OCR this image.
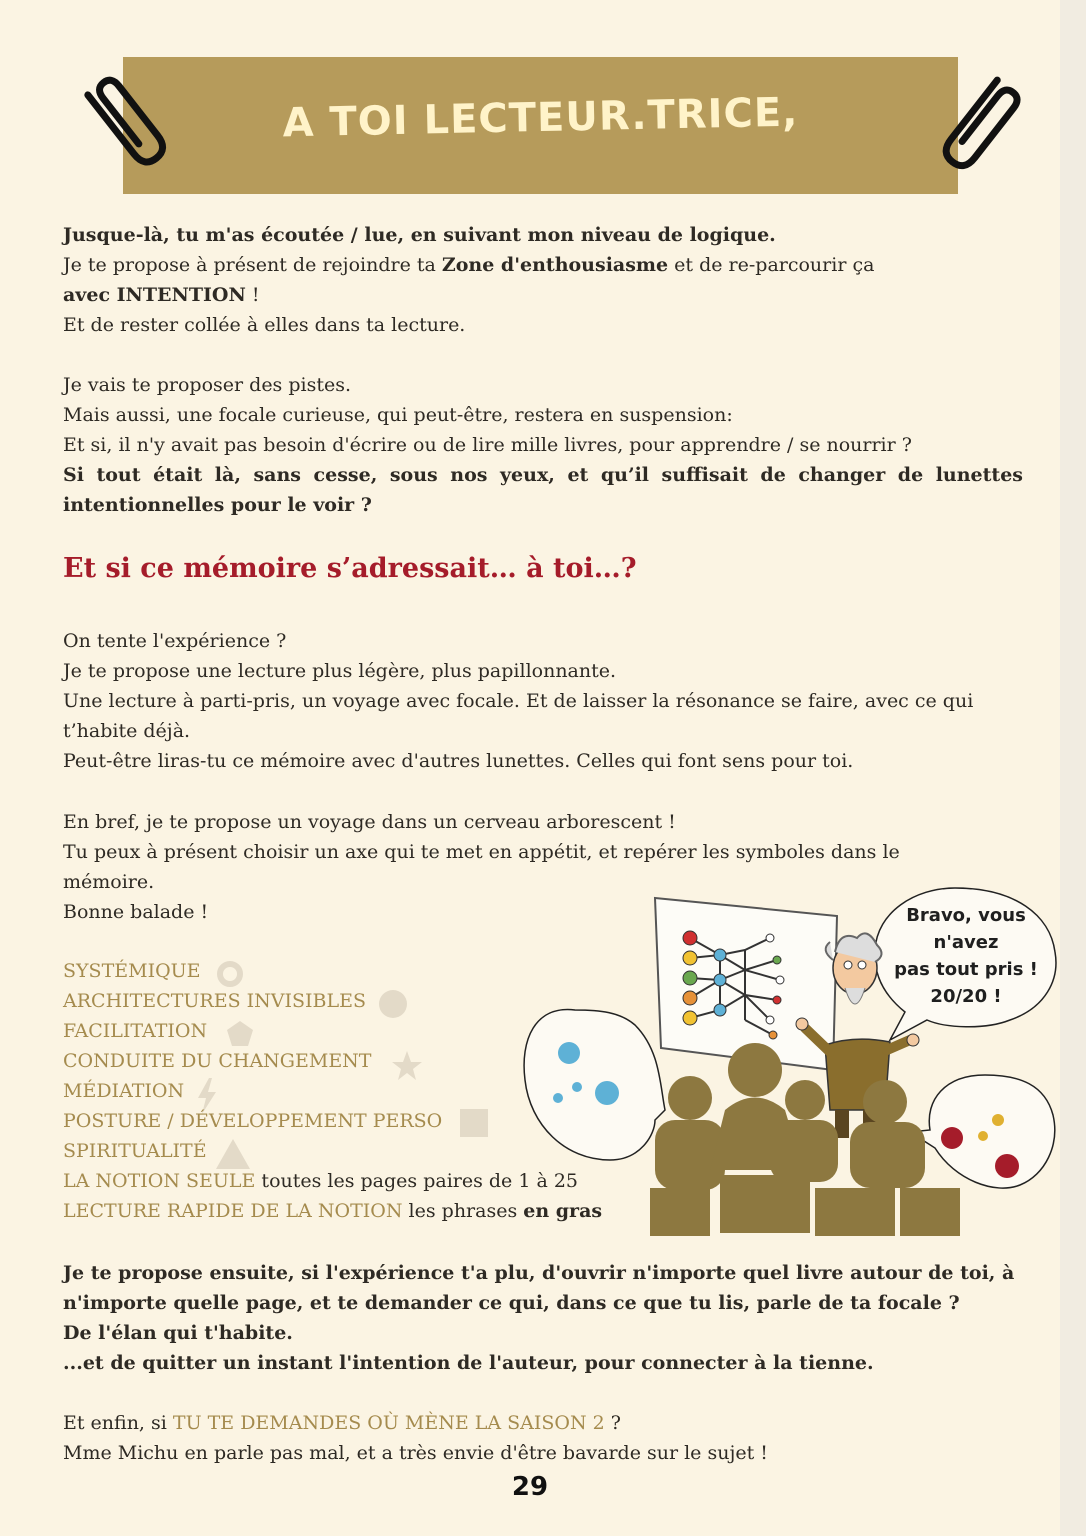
A TOI LECTEUR.TRICE,

Jusque-là, tu m'as écoutée / lue, en suivant mon niveau de logique.

Je te propose à présent de rejoindre ta Zone d'enthousiasme et de re-parcourir ça

avec INTENTION !

Et de rester collée à elles dans ta lecture.

Je vais te proposer des pistes.

Mais aussi, une focale curieuse, qui peut-être, restera en suspension:

Et si, il n'y avait pas besoin d'écrire ou de lire mille livres, pour apprendre / se nourrir ?

Si tout était là, sans cesse, sous nos yeux, et qu’il suffisait de changer de lunettes intentionnelles pour le voir ?

Et si ce mémoire s’adressait… à toi…?

On tente l'expérience ?

Je te propose une lecture plus légère, plus papillonnante.

Une lecture à parti-pris, un voyage avec focale. Et de laisser la résonance se faire, avec ce qui t’habite déjà.

Peut-être liras-tu ce mémoire avec d'autres lunettes. Celles qui font sens pour toi.

En bref, je te propose un voyage dans un cerveau arborescent !

Tu peux à présent choisir un axe qui te met en appétit, et repérer les symboles dans le mémoire.

Bonne balade !

SYSTÉMIQUE
ARCHITECTURES INVISIBLES
FACILITATION
CONDUITE DU CHANGEMENT
MÉDIATION
POSTURE / DÉVELOPPEMENT PERSO
SPIRITUALITÉ
LA NOTION SEULE toutes les pages paires de 1 à 25
LECTURE RAPIDE DE LA NOTION les phrases en gras
Bravo, vous
n'avez
pas tout pris !
20/20 !

Je te propose ensuite, si l'expérience t'a plu, d'ouvrir n'importe quel livre autour de toi, à n'importe quelle page, et te demander ce qui, dans ce que tu lis, parle de ta focale ?

De l'élan qui t'habite.

...et de quitter un instant l'intention de l'auteur, pour connecter à la tienne.

Et enfin, si TU TE DEMANDES OÙ MÈNE LA SAISON 2 ?

Mme Michu en parle pas mal, et a très envie d'être bavarde sur le sujet !

29
